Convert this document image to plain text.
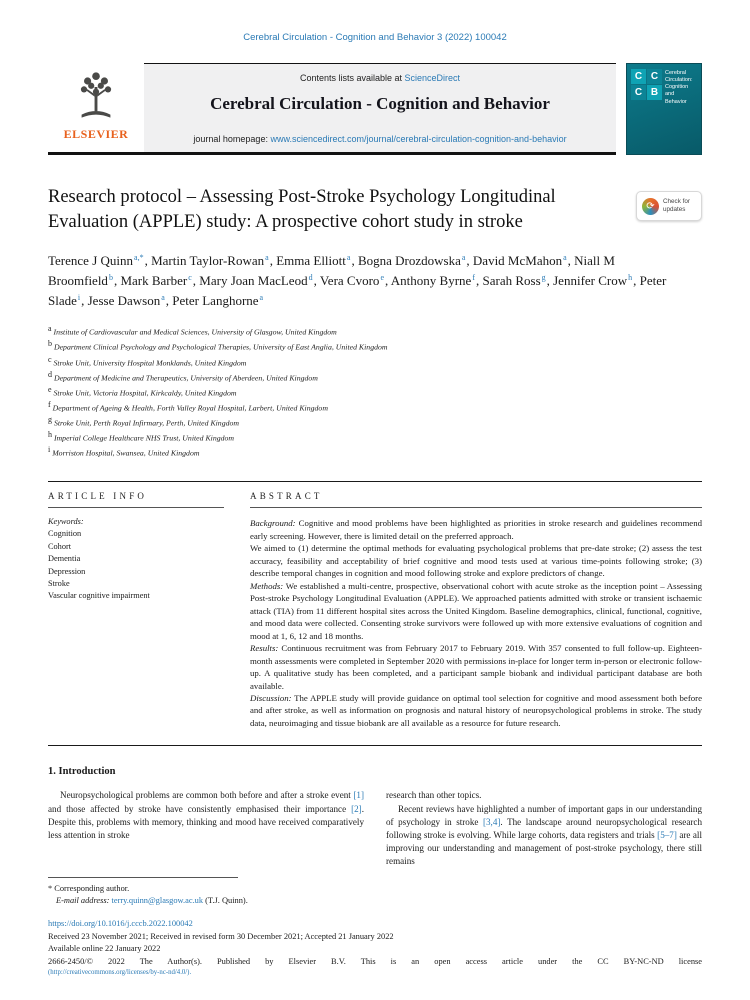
Cerebral Circulation - Cognition and Behavior 3 (2022) 100042
ELSEVIER
Contents lists available at ScienceDirect
Cerebral Circulation - Cognition and Behavior
journal homepage: www.sciencedirect.com/journal/cerebral-circulation-cognition-and-behavior
C C
C B
Cerebral Circulation: Cognition and Behavior
Research protocol – Assessing Post-Stroke Psychology Longitudinal Evaluation (APPLE) study: A prospective cohort study in stroke
⟳	Check for
updates

Terence J Quinn$^{a,*}$, Martin Taylor-Rowan$^a$, Emma Elliott$^a$, Bogna Drozdowska$^a$, David McMahon$^a$, Niall M Broomfield$^b$, Mark Barber$^c$, Mary Joan MacLeod$^d$, Vera Cvoro$^e$, Anthony Byrne$^f$, Sarah Ross$^g$, Jennifer Crow$^h$, Peter Slade$^i$, Jesse Dawson$^a$, Peter Langhorne$^a$

$^a$ Institute of Cardiovascular and Medical Sciences, University of Glasgow, United Kingdom
$^b$ Department Clinical Psychology and Psychological Therapies, University of East Anglia, United Kingdom
$^c$ Stroke Unit, University Hospital Monklands, United Kingdom
$^d$ Department of Medicine and Therapeutics, University of Aberdeen, United Kingdom
$^e$ Stroke Unit, Victoria Hospital, Kirkcaldy, United Kingdom
$^f$ Department of Ageing & Health, Forth Valley Royal Hospital, Larbert, United Kingdom
$^g$ Stroke Unit, Perth Royal Infirmary, Perth, United Kingdom
$^h$ Imperial College Healthcare NHS Trust, United Kingdom
$^i$ Morriston Hospital, Swansea, United Kingdom
ARTICLE INFO
Keywords:
Cognition
Cohort
Dementia
Depression
Stroke
Vascular cognitive impairment
ABSTRACT

Background: Cognitive and mood problems have been highlighted as priorities in stroke research and guidelines recommend early screening. However, there is limited detail on the preferred approach.

We aimed to (1) determine the optimal methods for evaluating psychological problems that pre-date stroke; (2) assess the test accuracy, feasibility and acceptability of brief cognitive and mood tests used at various time-points following stroke; (3) describe temporal changes in cognition and mood following stroke and explore predictors of change.

Methods: We established a multi-centre, prospective, observational cohort with acute stroke as the inception point – Assessing Post-stroke Psychology Longitudinal Evaluation (APPLE). We approached patients admitted with stroke or transient ischaemic attack (TIA) from 11 different hospital sites across the United Kingdom. Baseline demographics, clinical, functional, cognitive, and mood data were collected. Consenting stroke survivors were followed up with more extensive evaluations of cognition and mood at 1, 6, 12 and 18 months.

Results: Continuous recruitment was from February 2017 to February 2019. With 357 consented to full follow-up. Eighteen-month assessments were completed in September 2020 with permissions in-place for longer term in-person or electronic follow-up. A qualitative study has been completed, and a participant sample biobank and individual participant database are both available.

Discussion: The APPLE study will provide guidance on optimal tool selection for cognitive and mood assessment both before and after stroke, as well as information on prognosis and natural history of neuropsychological problems in stroke. The study data, neuroimaging and tissue biobank are all available as a resource for future research.

1. Introduction

Neuropsychological problems are common both before and after a stroke event [1] and those affected by stroke have consistently emphasised their importance [2]. Despite this, problems with memory, thinking and mood have received comparatively less attention in stroke

research than other topics.

Recent reviews have highlighted a number of important gaps in our understanding of psychology in stroke [3,4]. The landscape around neuropsychological research following stroke is evolving. While large cohorts, data registers and trials [5–7] are all improving our understanding and management of post-stroke psychology, there still remains

* Corresponding author.
E-mail address: terry.quinn@glasgow.ac.uk (T.J. Quinn).
https://doi.org/10.1016/j.cccb.2022.100042
Received 23 November 2021; Received in revised form 30 December 2021; Accepted 21 January 2022
Available online 22 January 2022
2666-2450/© 2022 The Author(s). Published by Elsevier B.V. This is an open access article under the CC BY-NC-ND license
(http://creativecommons.org/licenses/by-nc-nd/4.0/).
